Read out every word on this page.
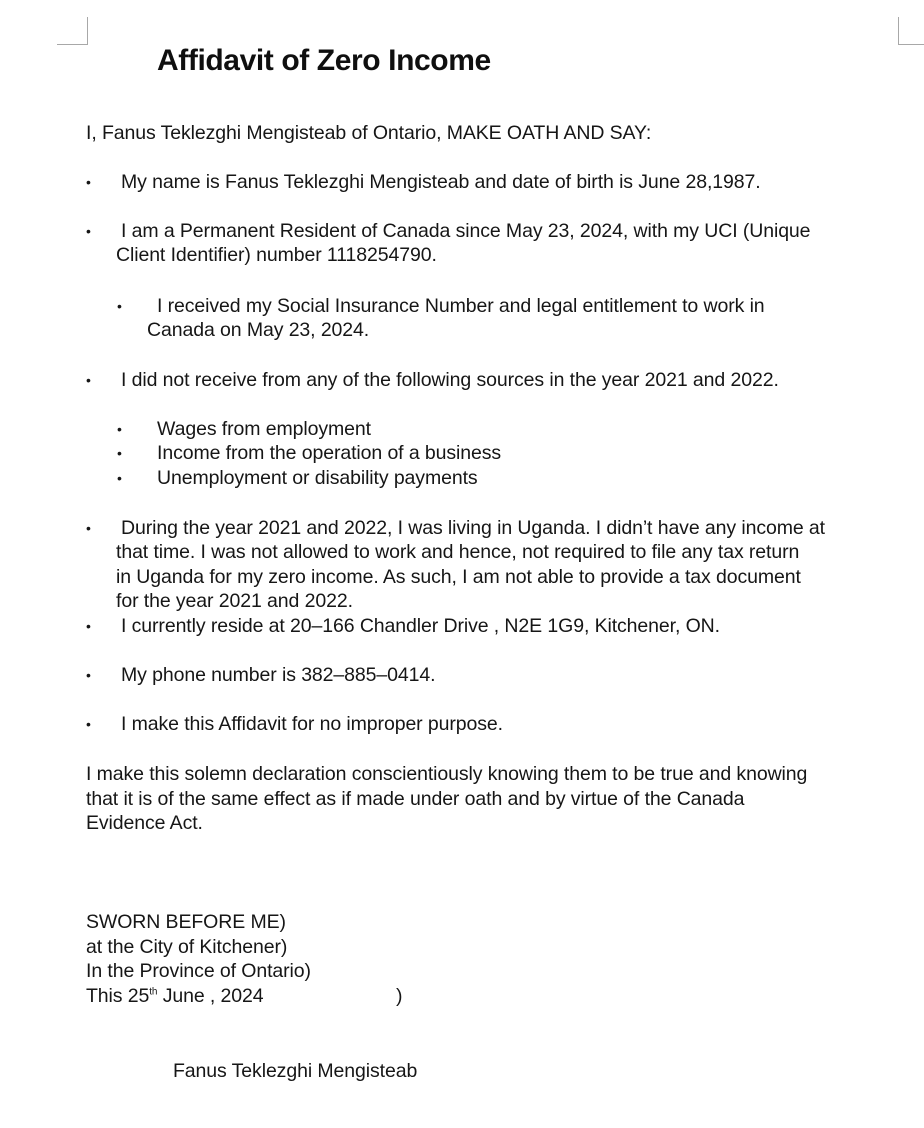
Affidavit of Zero Income
I, Fanus Teklezghi Mengisteab of Ontario, MAKE OATH AND SAY:
• My name is Fanus Teklezghi Mengisteab and date of birth is June 28,1987.
• I am a Permanent Resident of Canada since May 23, 2024, with my UCI (Unique
Client Identifier) number 1118254790.
• I received my Social Insurance Number and legal entitlement to work in
Canada on May 23, 2024.
• I did not receive from any of the following sources in the year 2021 and 2022.
• Wages from employment
• Income from the operation of a business
• Unemployment or disability payments
• During the year 2021 and 2022, I was living in Uganda. I didn’t have any income at
that time. I was not allowed to work and hence, not required to file any tax return
in Uganda for my zero income. As such, I am not able to provide a tax document
for the year 2021 and 2022.
• I currently reside at 20–166 Chandler Drive , N2E 1G9, Kitchener, ON.
• My phone number is 382–885–0414.
• I make this Affidavit for no improper purpose.
I make this solemn declaration conscientiously knowing them to be true and knowing
that it is of the same effect as if made under oath and by virtue of the Canada
Evidence Act.
SWORN BEFORE ME)
at the City of Kitchener)
In the Province of Ontario)
This 25th June , 2024	)
Fanus Teklezghi Mengisteab
